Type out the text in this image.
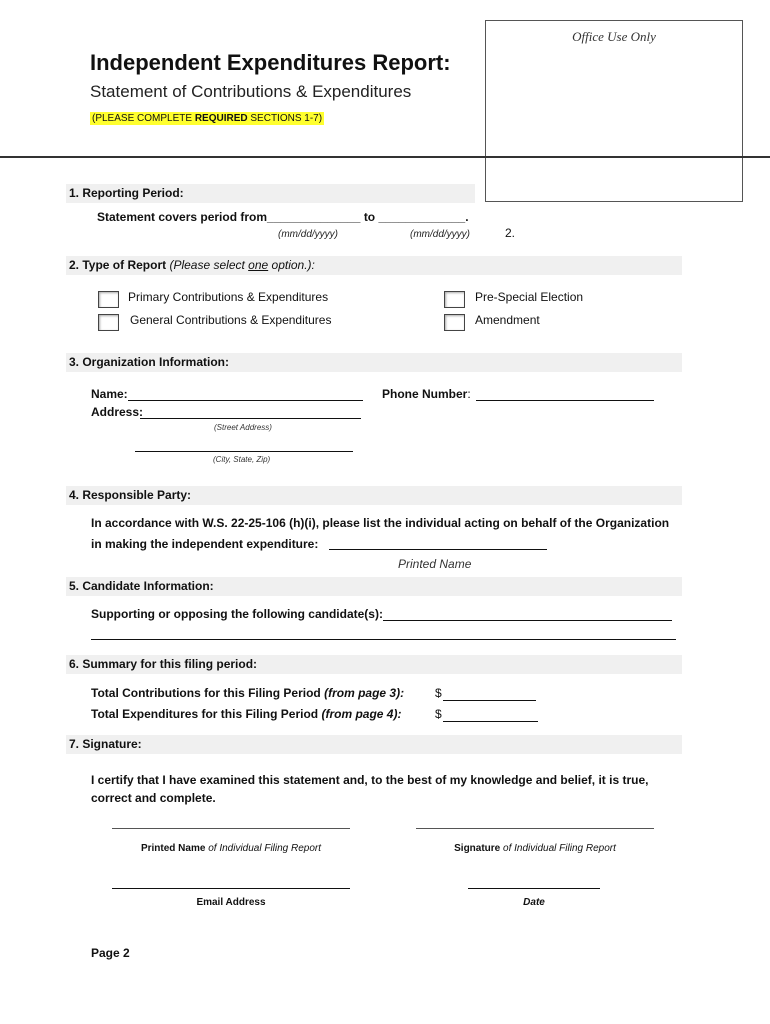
Office Use Only
Independent Expenditures Report:
Statement of Contributions & Expenditures
(PLEASE COMPLETE REQUIRED SECTIONS 1-7)
1. Reporting Period:
Statement covers period from______________ to _____________.
(mm/dd/yyyy)	(mm/dd/yyyy)	2.
2. Type of Report (Please select one option.):
Primary Contributions & Expenditures
General Contributions & Expenditures
Pre-Special Election
Amendment
3. Organization Information:
Name:
Address:
(Street Address)
(City, State, Zip)
Phone Number:
4. Responsible Party:
In accordance with W.S. 22-25-106 (h)(i), please list the individual acting on behalf of the Organization
in making the independent expenditure:
Printed Name
5. Candidate Information:
Supporting or opposing the following candidate(s):
6. Summary for this filing period:
Total Contributions for this Filing Period (from page 3):	$
Total Expenditures for this Filing Period (from page 4):	$
7. Signature:
I certify that I have examined this statement and, to the best of my knowledge and belief, it is true,
correct and complete.
Printed Name of Individual Filing Report	Signature of Individual Filing Report
Email Address	Date
Page 2
